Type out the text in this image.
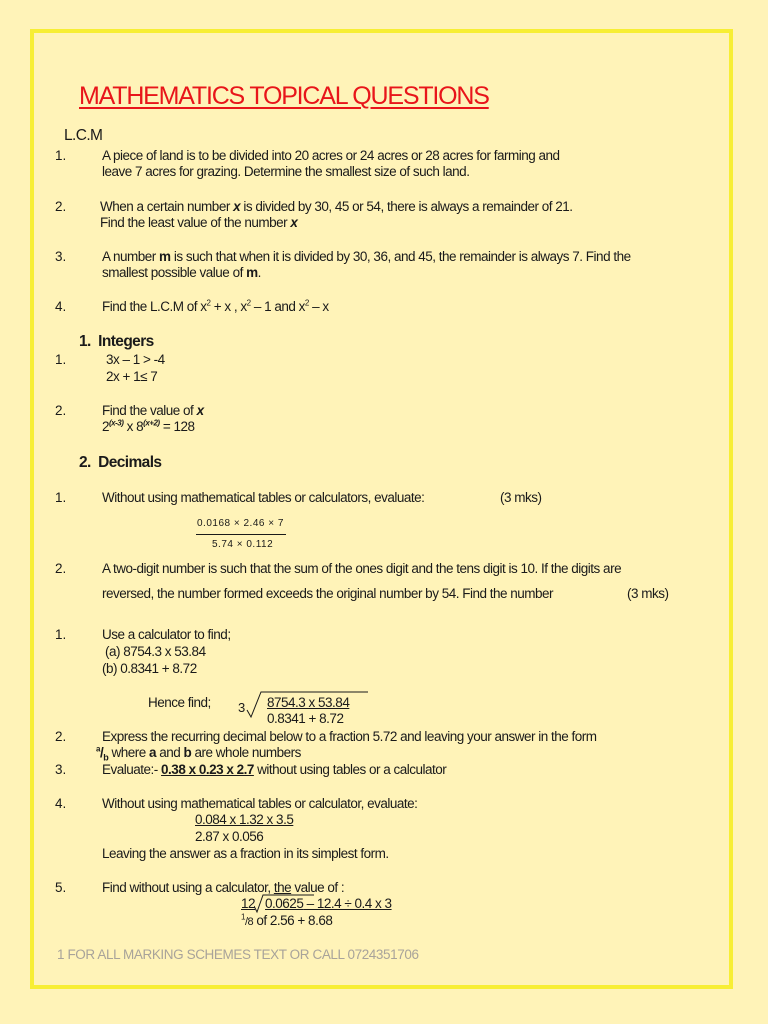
MATHEMATICS TOPICAL QUESTIONS
L.C.M
1.	A piece of land is to be divided into 20 acres or 24 acres or 28 acres for farming and
leave 7 acres for grazing. Determine the smallest size of such land.
2. When a certain number x is divided by 30, 45 or 54, there is always a remainder of 21.
Find the least value of the number x
3.	A number m is such that when it is divided by 30, 36, and 45, the remainder is always 7. Find the
smallest possible value of m.
4.	Find the L.C.M of $x^2 + x$ , $x^2 - 1$ and $x^2$ – x
1. Integers
1.	3x – 1 > -4
2x + 1≤ 7
2.	Find the value of x
2$^{(x-3)}$ x $8^{(x+2)} = 128$
2. Decimals
1.	Without using mathematical tables or calculators, evaluate:	(3 mks)
0.0168 × 2.46 × 7
5.74 × 0.112
2.	A two-digit number is such that the sum of the ones digit and the tens digit is 10. If the digits are
reversed, the number formed exceeds the original number by 54. Find the number	(3 mks)
1.	Use a calculator to find;
(a) 8754.3 x 53.84
(b) 0.8341 + 8.72
Hence find; 3 8754.3 x 53.84
0.8341 + 8.72
2.	Express the recurring decimal below to a fraction 5.72 and leaving your answer in the form
$^a/_b$ where a and b are whole numbers
3.	Evaluate:- 0.38 x 0.23 x 2.7 without using tables or a calculator
4.	Without using mathematical tables or calculator, evaluate:
0.084 x 1.32 x 3.5
2.87 x 0.056
Leaving the answer as a fraction in its simplest form.
5.	Find without using a calculator, the value of :
12 0.0625 – 12.4 ÷ 0.4 x 3
$^1$/8 of 2.56 + 8.68
1 FOR ALL MARKING SCHEMES TEXT OR CALL 0724351706
